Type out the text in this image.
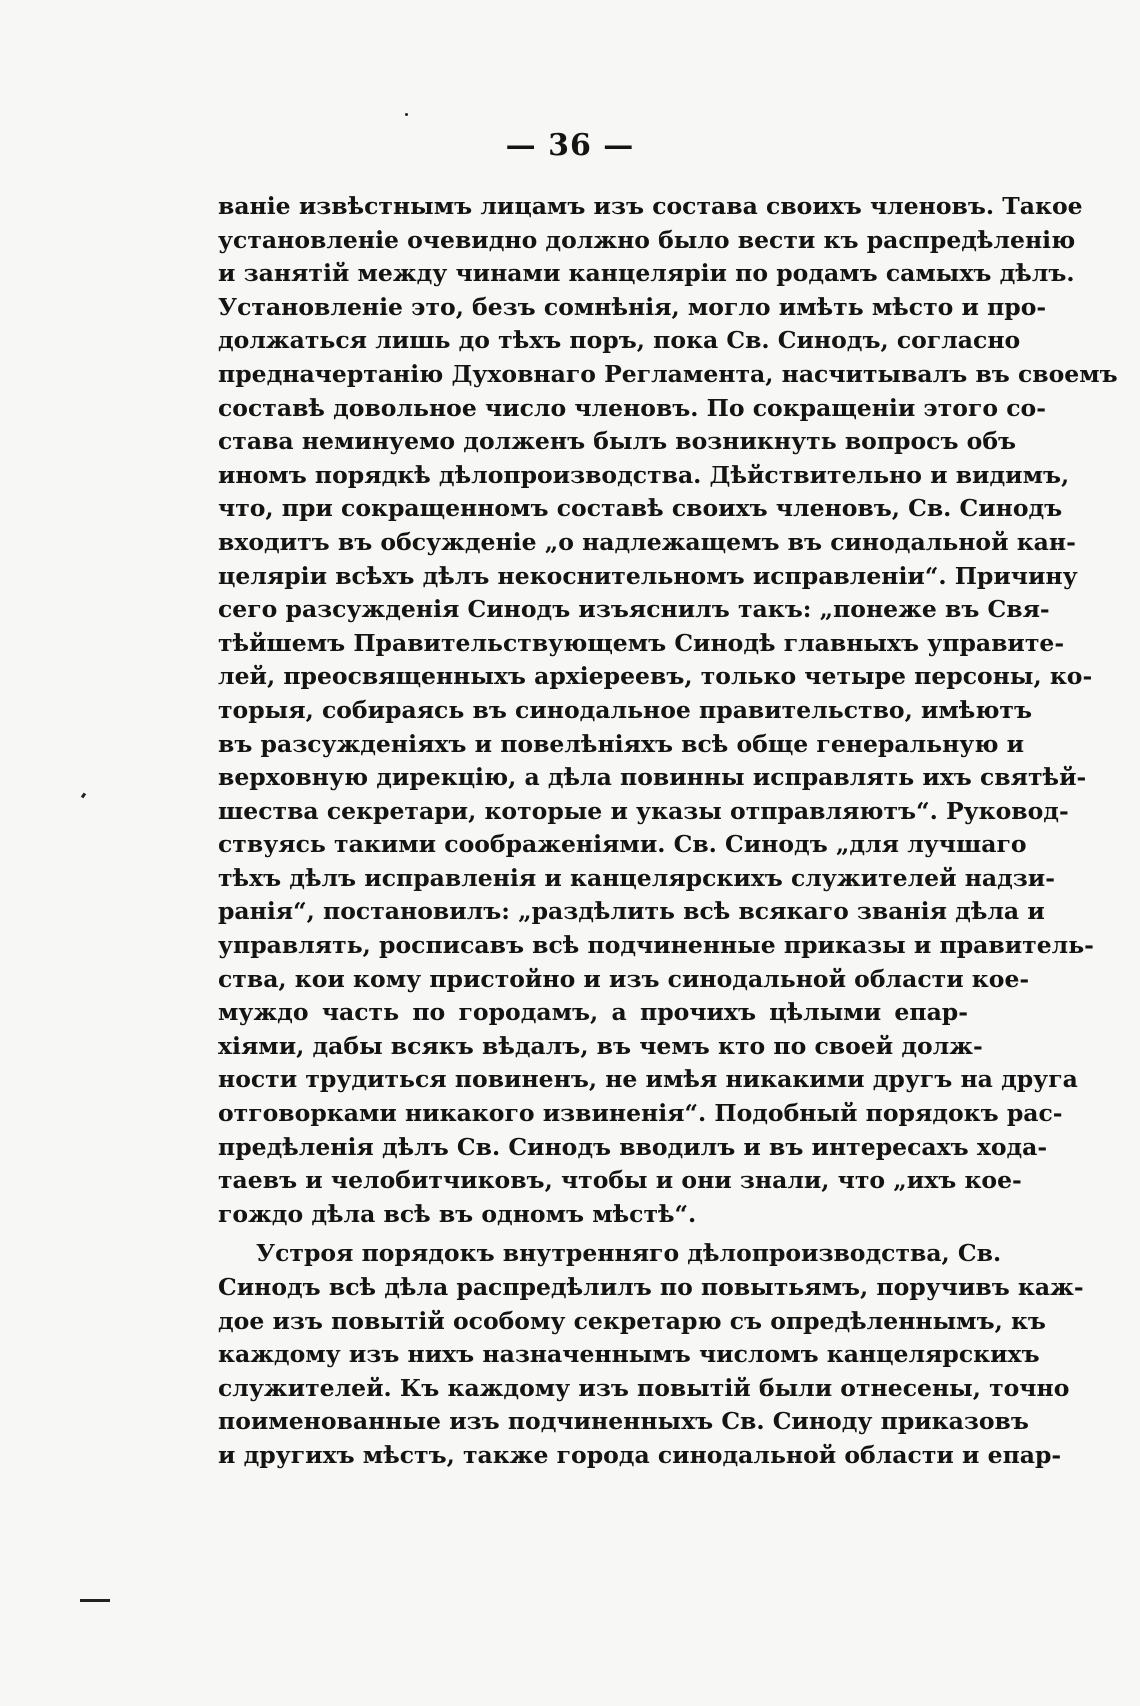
— 36 —
ваніе извѣстнымъ лицамъ изъ состава своихъ членовъ. Такое
установленіе очевидно должно было вести къ распредѣленію
и занятій между чинами канцеляріи по родамъ самыхъ дѣлъ.
Установленіе это, безъ сомнѣнія, могло имѣть мѣсто и про-
должаться лишь до тѣхъ поръ, пока Св. Синодъ, согласно
предначертанію Духовнаго Регламента, насчитывалъ въ своемъ
составѣ довольное число членовъ. По сокращеніи этого со-
става неминуемо долженъ былъ возникнуть вопросъ объ
иномъ порядкѣ дѣлопроизводства. Дѣйствительно и видимъ,
что, при сокращенномъ составѣ своихъ членовъ, Св. Синодъ
входитъ въ обсужденіе „о надлежащемъ въ синодальной кан-
целяріи всѣхъ дѣлъ некоснительномъ исправленіи“. Причину
сего разсужденія Синодъ изъяснилъ такъ: „понеже въ Свя-
тѣйшемъ Правительствующемъ Синодѣ главныхъ управите-
лей, преосвященныхъ архіереевъ, только четыре персоны, ко-
торыя, собираясь въ синодальное правительство, имѣютъ
въ разсужденіяхъ и повелѣніяхъ всѣ обще генеральную и
верховную дирекцію, а дѣла повинны исправлять ихъ святѣй-
шества секретари, которые и указы отправляютъ“. Руковод-
ствуясь такими соображеніями. Св. Синодъ „для лучшаго
тѣхъ дѣлъ исправленія и канцелярскихъ служителей надзи-
ранія“, постановилъ: „раздѣлить всѣ всякаго званія дѣла и
управлять, росписавъ всѣ подчиненные приказы и правитель-
ства, кои кому пристойно и изъ синодальной области кое-
муждо часть по городамъ, а прочихъ цѣлыми епар-
хіями, дабы всякъ вѣдалъ, въ чемъ кто по своей долж-
ности трудиться повиненъ, не имѣя никакими другъ на друга
отговорками никакого извиненія“. Подобный порядокъ рас-
предѣленія дѣлъ Св. Синодъ вводилъ и въ интересахъ хода-
таевъ и челобитчиковъ, чтобы и они знали, что „ихъ кое-
гождо дѣла всѣ въ одномъ мѣстѣ“.
Устроя порядокъ внутренняго дѣлопроизводства, Св.
Синодъ всѣ дѣла распредѣлилъ по повытьямъ, поручивъ каж-
дое изъ повытій особому секретарю съ опредѣленнымъ, къ
каждому изъ нихъ назначеннымъ числомъ канцелярскихъ
служителей. Къ каждому изъ повытій были отнесены, точно
поименованные изъ подчиненныхъ Св. Синоду приказовъ
и другихъ мѣстъ, также города синодальной области и епар-
